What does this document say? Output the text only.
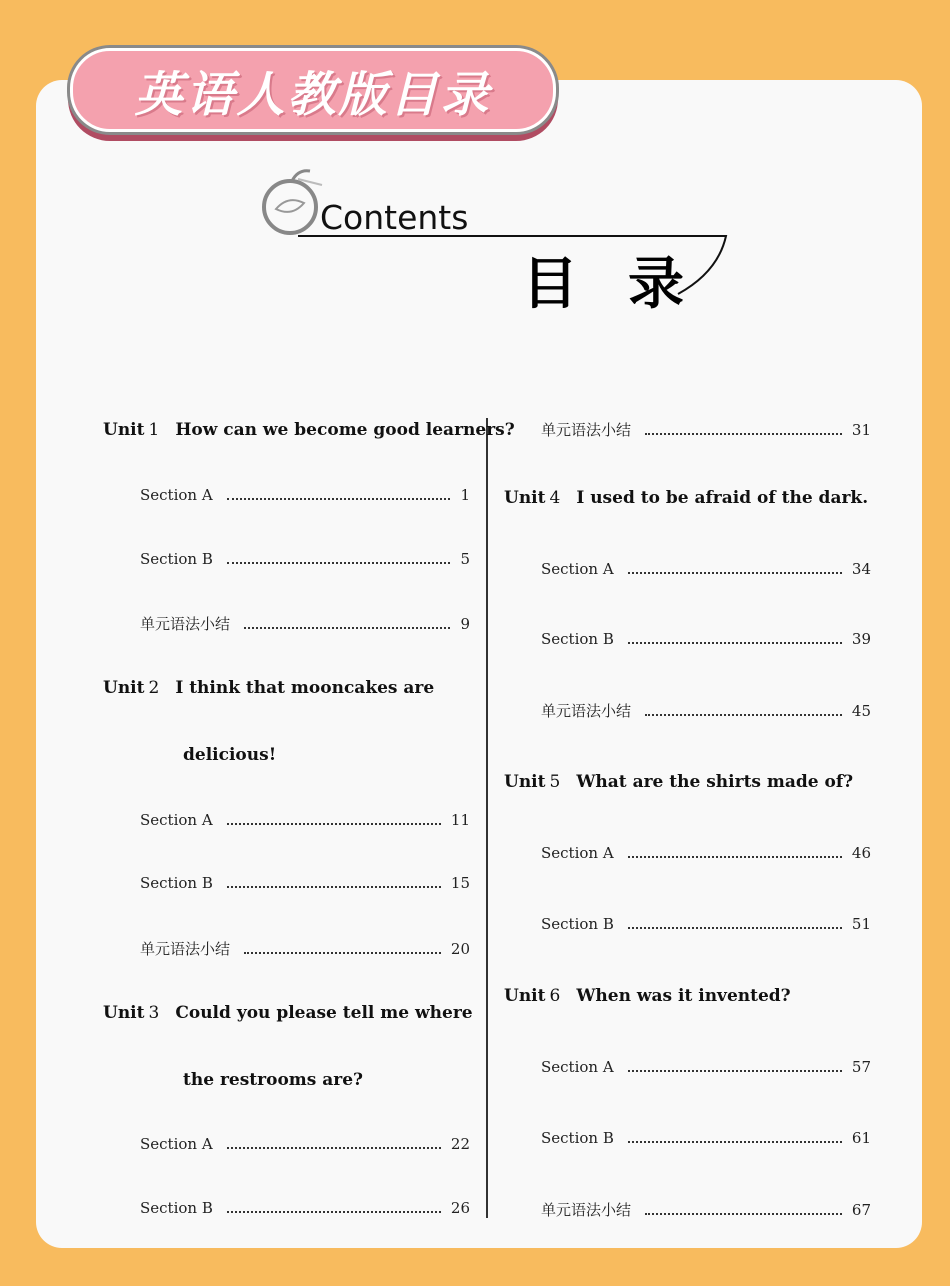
英语人教版目录
Contents
目录
Unit 1 How can we become good learners?
Section A	1
Section B	5
单元语法小结	9
Unit 2 I think that mooncakes are
delicious!
Section A	11
Section B	15
单元语法小结	20
Unit 3 Could you please tell me where
the restrooms are?
Section A	22
Section B	26
单元语法小结	31
Unit 4 I used to be afraid of the dark.
Section A	34
Section B	39
单元语法小结	45
Unit 5 What are the shirts made of?
Section A	46
Section B	51
Unit 6 When was it invented?
Section A	57
Section B	61
单元语法小结	67
